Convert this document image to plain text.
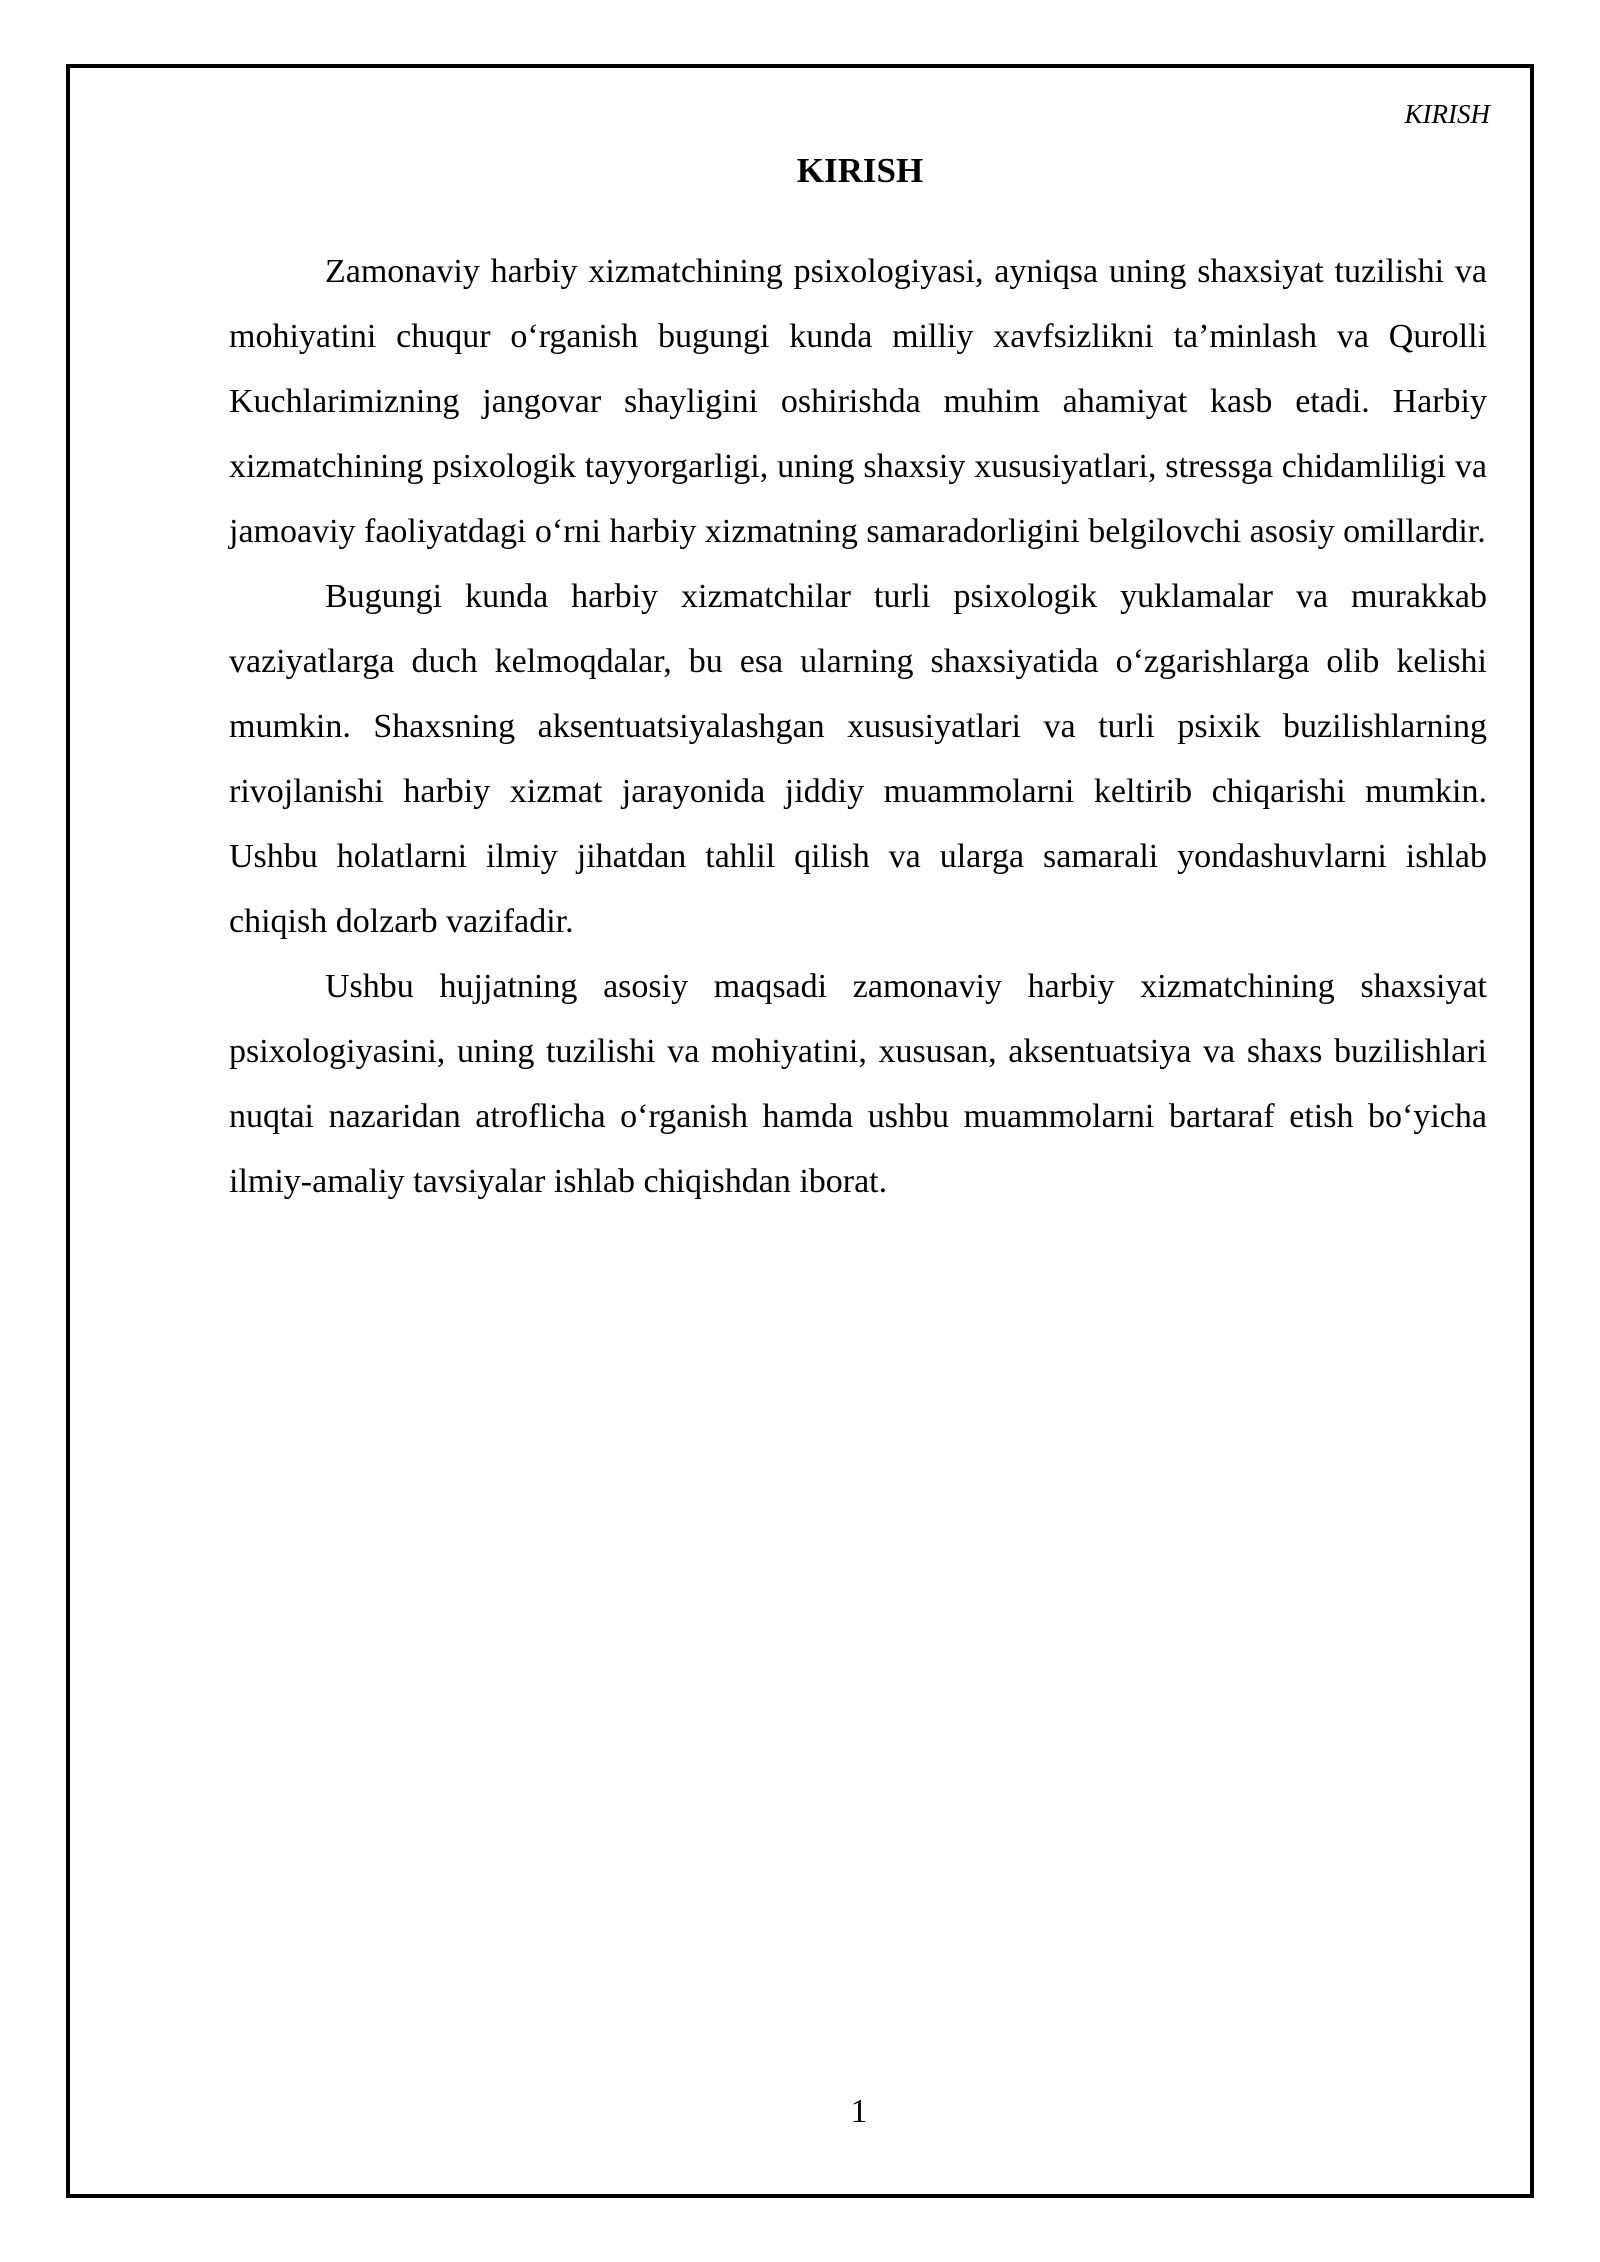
KIRISH
KIRISH

Zamonaviy harbiy xizmatchining psixologiyasi, ayniqsa uning shaxsiyat tuzilishi va mohiyatini chuqur o‘rganish bugungi kunda milliy xavfsizlikni ta’minlash va Qurolli Kuchlarimizning jangovar shayligini oshirishda muhim ahamiyat kasb etadi. Harbiy xizmatchining psixologik tayyorgarligi, uning shaxsiy xususiyatlari, stressga chidamliligi va jamoaviy faoliyatdagi o‘rni harbiy xizmatning samaradorligini belgilovchi asosiy omillardir.

Bugungi kunda harbiy xizmatchilar turli psixologik yuklamalar va murakkab vaziyatlarga duch kelmoqdalar, bu esa ularning shaxsiyatida o‘zgarishlarga olib kelishi mumkin. Shaxsning aksentuatsiyalashgan xususiyatlari va turli psixik buzilishlarning rivojlanishi harbiy xizmat jarayonida jiddiy muammolarni keltirib chiqarishi mumkin. Ushbu holatlarni ilmiy jihatdan tahlil qilish va ularga samarali yondashuvlarni ishlab chiqish dolzarb vazifadir.

Ushbu hujjatning asosiy maqsadi zamonaviy harbiy xizmatchining shaxsiyat psixologiyasini, uning tuzilishi va mohiyatini, xususan, aksentuatsiya va shaxs buzilishlari nuqtai nazaridan atroflicha o‘rganish hamda ushbu muammolarni bartaraf etish bo‘yicha ilmiy-amaliy tavsiyalar ishlab chiqishdan iborat.

1
